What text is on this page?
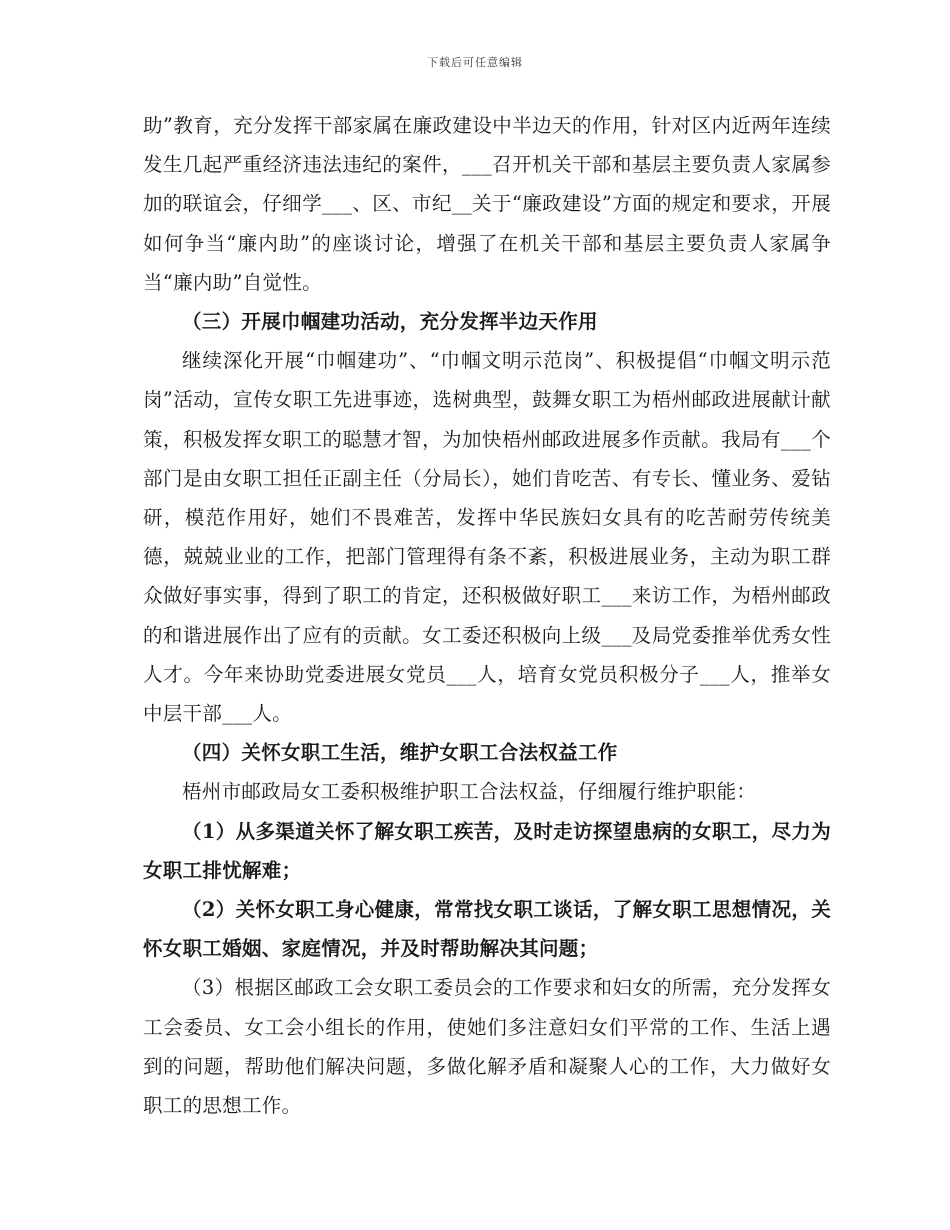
下载后可任意编辑

助”教育，充分发挥干部家属在廉政建设中半边天的作用，针对区内近两年连续发生几起严重经济违法违纪的案件，___召开机关干部和基层主要负责人家属参加的联谊会，仔细学___、区、市纪__关于“廉政建设”方面的规定和要求，开展如何争当“廉内助”的座谈讨论，增强了在机关干部和基层主要负责人家属争当“廉内助”自觉性。

（三）开展巾帼建功活动，充分发挥半边天作用

继续深化开展“巾帼建功”、“巾帼文明示范岗”、积极提倡“巾帼文明示范岗”活动，宣传女职工先进事迹，选树典型，鼓舞女职工为梧州邮政进展献计献策，积极发挥女职工的聪慧才智，为加快梧州邮政进展多作贡献。我局有___个部门是由女职工担任正副主任（分局长），她们肯吃苦、有专长、懂业务、爱钻研，模范作用好，她们不畏难苦，发挥中华民族妇女具有的吃苦耐劳传统美德，兢兢业业的工作，把部门管理得有条不紊，积极进展业务，主动为职工群众做好事实事，得到了职工的肯定，还积极做好职工___来访工作，为梧州邮政的和谐进展作出了应有的贡献。女工委还积极向上级___及局党委推举优秀女性人才。今年来协助党委进展女党员___人，培育女党员积极分子___人，推举女中层干部___人。

（四）关怀女职工生活，维护女职工合法权益工作

梧州市邮政局女工委积极维护职工合法权益，仔细履行维护职能：

（1）从多渠道关怀了解女职工疾苦，及时走访探望患病的女职工，尽力为女职工排忧解难；

（2）关怀女职工身心健康，常常找女职工谈话，了解女职工思想情况，关怀女职工婚姻、家庭情况，并及时帮助解决其问题；

（3）根据区邮政工会女职工委员会的工作要求和妇女的所需，充分发挥女工会委员、女工会小组长的作用，使她们多注意妇女们平常的工作、生活上遇到的问题，帮助他们解决问题，多做化解矛盾和凝聚人心的工作，大力做好女职工的思想工作。
